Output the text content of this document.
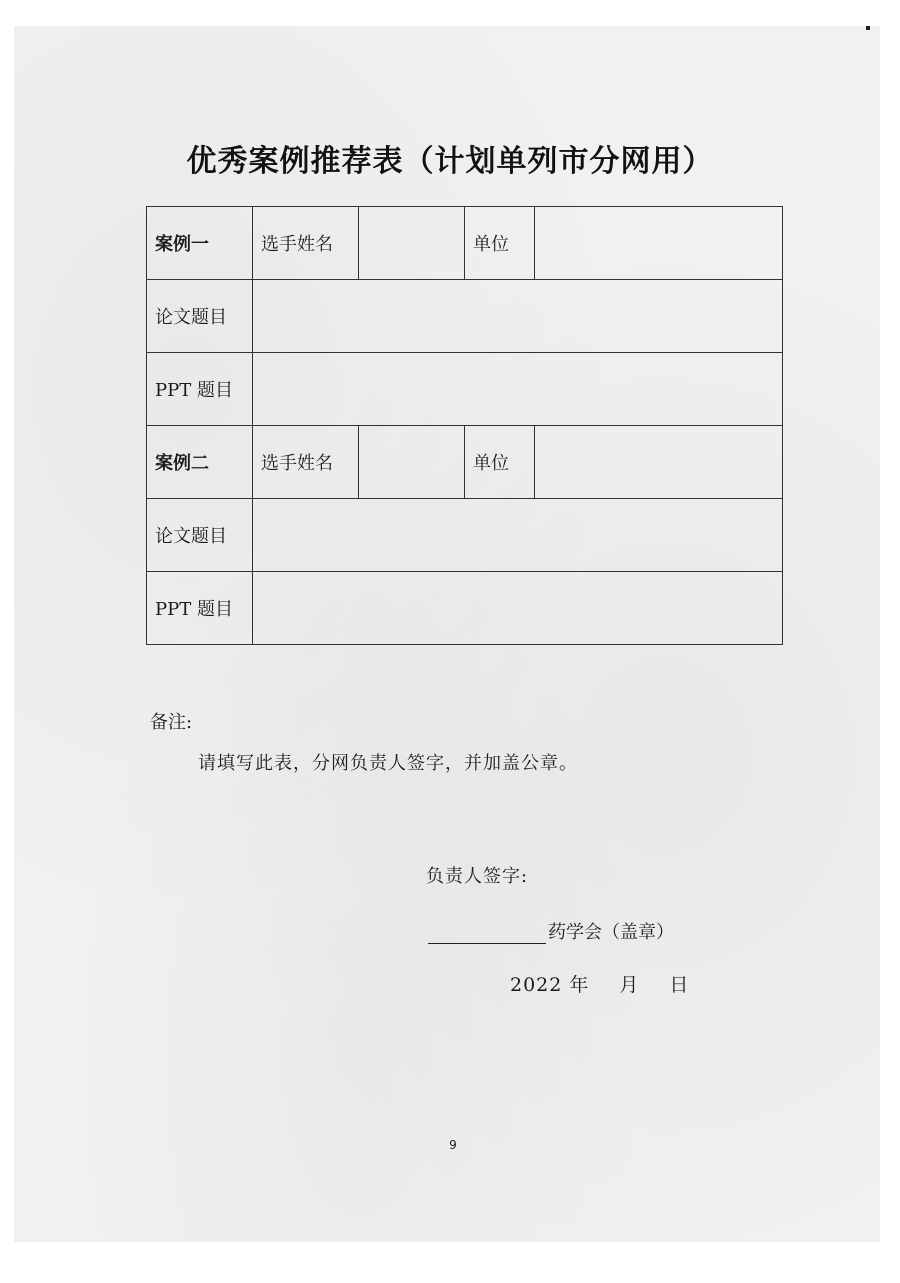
优秀案例推荐表（计划单列市分网用）
案例一	选手姓名		单位	
论文题目				
PPT 题目				
案例二	选手姓名		单位	
论文题目				
PPT 题目				
备注:
请填写此表，分网负责人签字，并加盖公章。
负责人签字:
药学会（盖章）
2022 年 月 日
9
